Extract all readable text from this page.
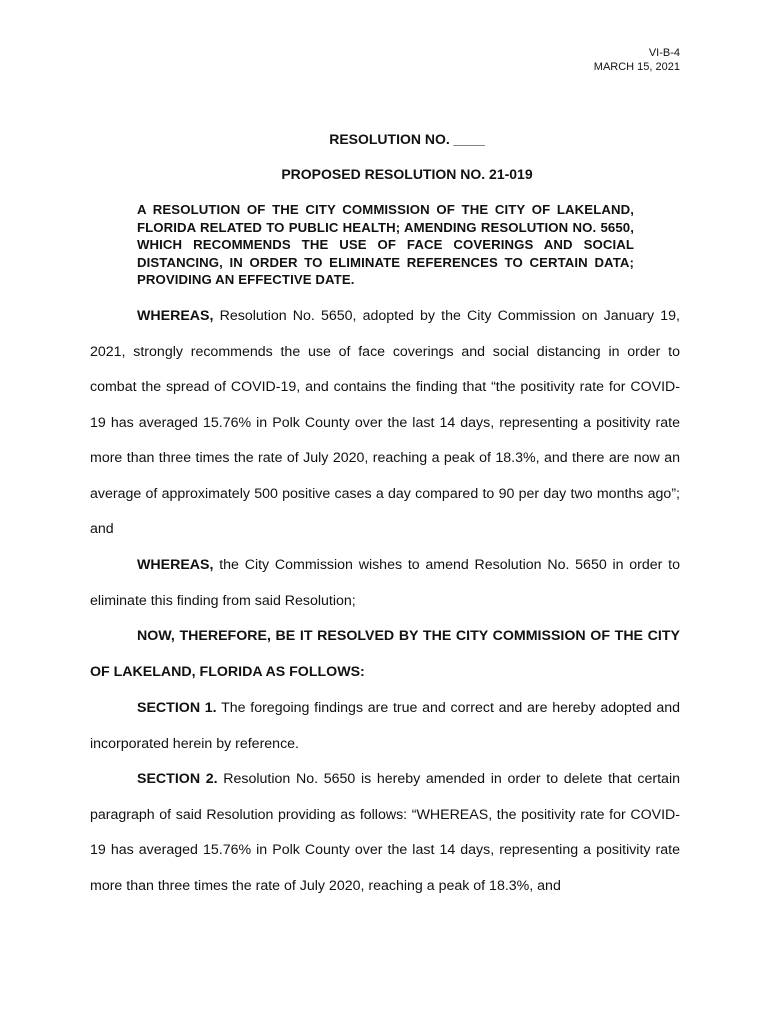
VI-B-4
MARCH 15, 2021
RESOLUTION NO. ____
PROPOSED RESOLUTION NO. 21-019
A RESOLUTION OF THE CITY COMMISSION OF THE CITY OF LAKELAND, FLORIDA RELATED TO PUBLIC HEALTH; AMENDING RESOLUTION NO. 5650, WHICH RECOMMENDS THE USE OF FACE COVERINGS AND SOCIAL DISTANCING, IN ORDER TO ELIMINATE REFERENCES TO CERTAIN DATA; PROVIDING AN EFFECTIVE DATE.
WHEREAS, Resolution No. 5650, adopted by the City Commission on January 19, 2021, strongly recommends the use of face coverings and social distancing in order to combat the spread of COVID-19, and contains the finding that “the positivity rate for COVID-19 has averaged 15.76% in Polk County over the last 14 days, representing a positivity rate more than three times the rate of July 2020, reaching a peak of 18.3%, and there are now an average of approximately 500 positive cases a day compared to 90 per day two months ago”; and
WHEREAS, the City Commission wishes to amend Resolution No. 5650 in order to eliminate this finding from said Resolution;
NOW, THEREFORE, BE IT RESOLVED BY THE CITY COMMISSION OF THE CITY OF LAKELAND, FLORIDA AS FOLLOWS:
SECTION 1. The foregoing findings are true and correct and are hereby adopted and incorporated herein by reference.
SECTION 2. Resolution No. 5650 is hereby amended in order to delete that certain paragraph of said Resolution providing as follows: “WHEREAS, the positivity rate for COVID-19 has averaged 15.76% in Polk County over the last 14 days, representing a positivity rate more than three times the rate of July 2020, reaching a peak of 18.3%, and
